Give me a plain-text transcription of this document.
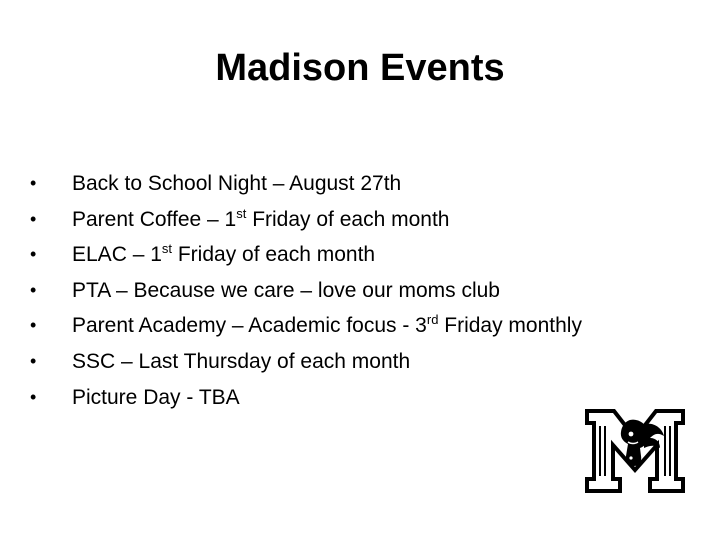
Madison Events
•	Back to School Night – August 27th
•	Parent Coffee – 1st Friday of each month
•	ELAC – 1st Friday of each month
•	PTA – Because we care – love our moms club
•	Parent Academy – Academic focus - 3rd Friday monthly
•	SSC – Last Thursday of each month
•	Picture Day - TBA
